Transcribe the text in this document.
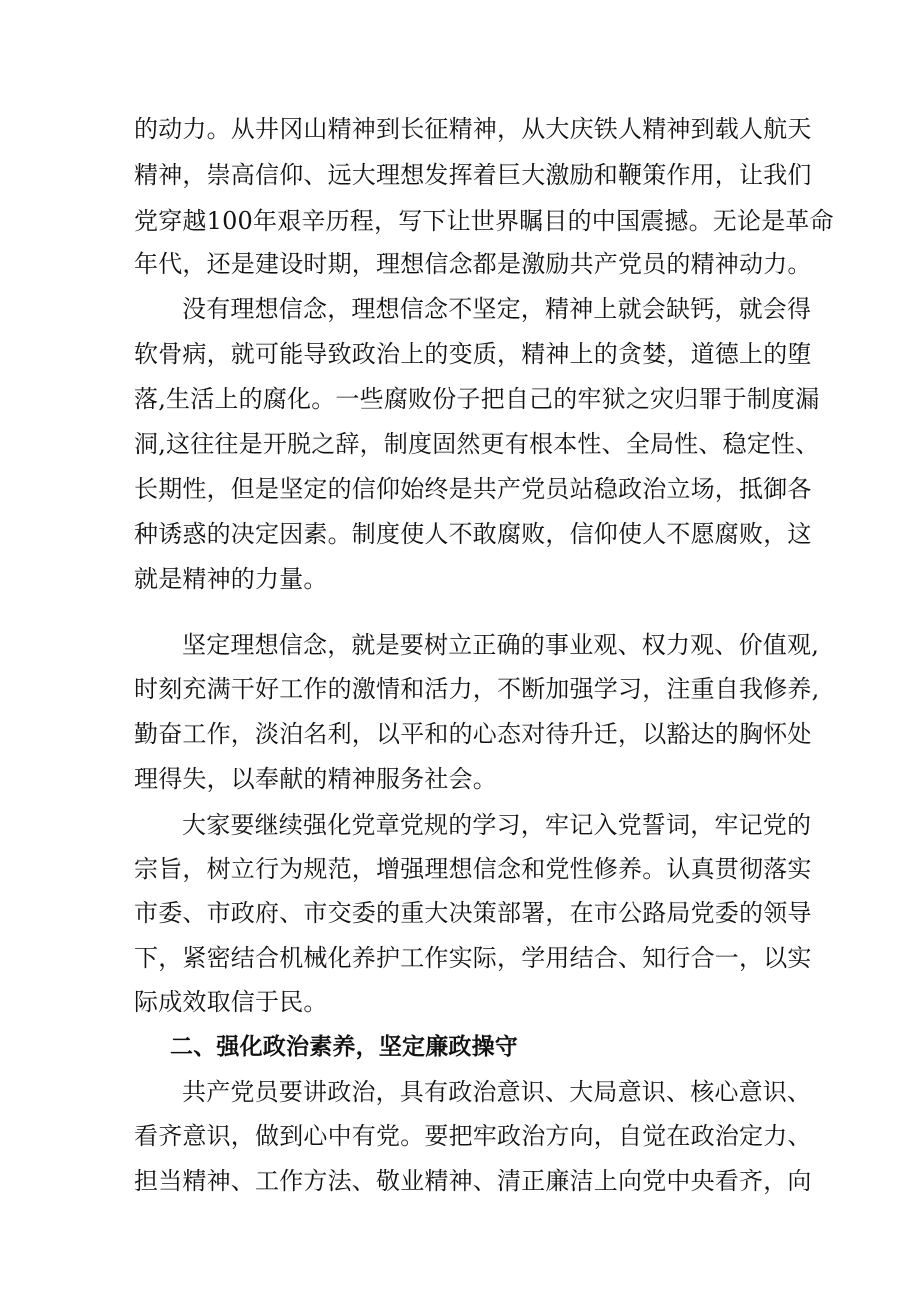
的动力。从井冈山精神到长征精神，从大庆铁人精神到载人航天
精神，崇高信仰、远大理想发挥着巨大激励和鞭策作用，让我们
党穿越100年艰辛历程，写下让世界瞩目的中国震撼。无论是革命
年代，还是建设时期，理想信念都是激励共产党员的精神动力。
没有理想信念，理想信念不坚定，精神上就会缺钙，就会得
软骨病，就可能导致政治上的变质，精神上的贪婪，道德上的堕
落,生活上的腐化。一些腐败份子把自己的牢狱之灾归罪于制度漏
洞,这往往是开脱之辞，制度固然更有根本性、全局性、稳定性、
长期性，但是坚定的信仰始终是共产党员站稳政治立场，抵御各
种诱惑的决定因素。制度使人不敢腐败，信仰使人不愿腐败，这
就是精神的力量。
坚定理想信念，就是要树立正确的事业观、权力观、价值观,
时刻充满干好工作的激情和活力，不断加强学习，注重自我修养,
勤奋工作，淡泊名利，以平和的心态对待升迁，以豁达的胸怀处
理得失，以奉献的精神服务社会。
大家要继续强化党章党规的学习，牢记入党誓词，牢记党的
宗旨，树立行为规范，增强理想信念和党性修养。认真贯彻落实
市委、市政府、市交委的重大决策部署，在市公路局党委的领导
下，紧密结合机械化养护工作实际，学用结合、知行合一，以实
际成效取信于民。
二、强化政治素养，坚定廉政操守
共产党员要讲政治，具有政治意识、大局意识、核心意识、
看齐意识，做到心中有党。要把牢政治方向，自觉在政治定力、
担当精神、工作方法、敬业精神、清正廉洁上向党中央看齐，向
